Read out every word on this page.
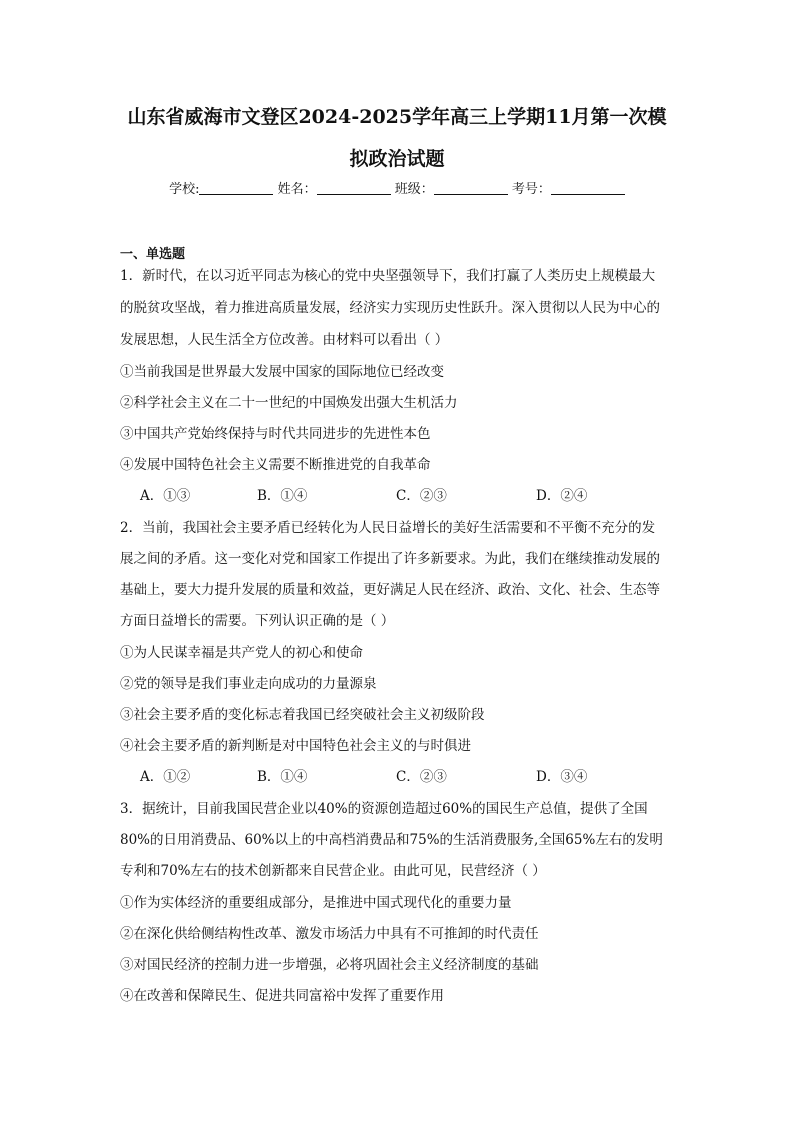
山东省威海市文登区2024-2025学年高三上学期11月第一次模
拟政治试题
学校:	姓名：	班级：	考号：
一、单选题
1．新时代，在以习近平同志为核心的党中央坚强领导下，我们打赢了人类历史上规模最大
的脱贫攻坚战，着力推进高质量发展，经济实力实现历史性跃升。深入贯彻以人民为中心的
发展思想，人民生活全方位改善。由材料可以看出（ ）
①当前我国是世界最大发展中国家的国际地位已经改变
②科学社会主义在二十一世纪的中国焕发出强大生机活力
③中国共产党始终保持与时代共同进步的先进性本色
④发展中国特色社会主义需要不断推进党的自我革命
A．①③	B．①④	C．②③	D．②④
2．当前，我国社会主要矛盾已经转化为人民日益增长的美好生活需要和不平衡不充分的发
展之间的矛盾。这一变化对党和国家工作提出了许多新要求。为此，我们在继续推动发展的
基础上，要大力提升发展的质量和效益，更好满足人民在经济、政治、文化、社会、生态等
方面日益增长的需要。下列认识正确的是（ ）
①为人民谋幸福是共产党人的初心和使命
②党的领导是我们事业走向成功的力量源泉
③社会主要矛盾的变化标志着我国已经突破社会主义初级阶段
④社会主要矛盾的新判断是对中国特色社会主义的与时俱进
A．①②	B．①④	C．②③	D．③④
3．据统计，目前我国民营企业以40%的资源创造超过60%的国民生产总值，提供了全国
80%的日用消费品、60%以上的中高档消费品和75%的生活消费服务,全国65%左右的发明
专利和70%左右的技术创新都来自民营企业。由此可见，民营经济（ ）
①作为实体经济的重要组成部分，是推进中国式现代化的重要力量
②在深化供给侧结构性改革、激发市场活力中具有不可推卸的时代责任
③对国民经济的控制力进一步增强，必将巩固社会主义经济制度的基础
④在改善和保障民生、促进共同富裕中发挥了重要作用
